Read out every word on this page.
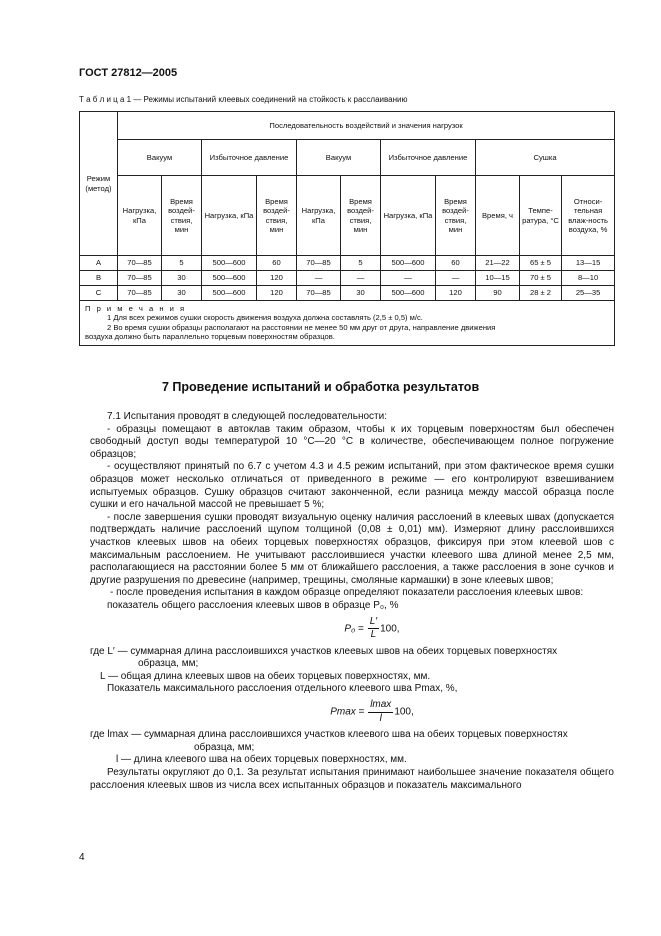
ГОСТ 27812—2005
Т а б л и ц а 1 — Режимы испытаний клеевых соединений на стойкость к расслаиванию
Режим (метод)	Последовательность воздействий и значения нагрузок										
	Вакуум		Избыточное давление		Вакуум		Избыточное давление		Сушка		
	Нагрузка, кПа	Время воздей-ствия, мин	Нагрузка, кПа	Время воздей-ствия, мин	Нагрузка, кПа	Время воздей-ствия, мин	Нагрузка, кПа	Время воздей-ствия, мин	Время, ч	Темпе-ратура, °С	Относи-тельная влаж-ность воздуха, %
A	70—85	5	500—600	60	70—85	5	500—600	60	21—22	65 ± 5	13—15
B	70—85	30	500—600	120	—	—	—	—	10—15	70 ± 5	8—10
C	70—85	30	500—600	120	70—85	30	500—600	120	90	28 ± 2	25—35

П р и м е ч а н и я
1 Для всех режимов сушки скорость движения воздуха должна составлять (2,5 ± 0,5) м/с.
2 Во время сушки образцы располагают на расстоянии не менее 50 мм друг от друга, направление движения
воздуха должно быть параллельно торцевым поверхностям образцов.											
7 Проведение испытаний и обработка результатов

7.1 Испытания проводят в следующей последовательности:

- образцы помещают в автоклав таким образом, чтобы к их торцевым поверхностям был обеспечен свободный доступ воды температурой 10 °С—20 °С в количестве, обеспечивающем полное погружение образцов;

- осуществляют принятый по 6.7 с учетом 4.3 и 4.5 режим испытаний, при этом фактическое время сушки образцов может несколько отличаться от приведенного в режиме — его контролируют взвешиванием испытуемых образцов. Сушку образцов считают законченной, если разница между массой образца после сушки и его начальной массой не превышает 5 %;

- после завершения сушки проводят визуальную оценку наличия расслоений в клеевых швах (допускается подтверждать наличие расслоений щупом толщиной (0,08 ± 0,01) мм). Измеряют длину расслоившихся участков клеевых швов на обеих торцевых поверхностях образцов, фиксируя при этом клеевой шов с максимальным расслоением. Не учитывают расслоившиеся участки клеевого шва длиной менее 2,5 мм, располагающиеся на расстоянии более 5 мм от ближайшего расслоения, а также расслоения в зоне сучков и другие разрушения по древесине (например, трещины, смоляные кармашки) в зоне клеевых швов;

- после проведения испытания в каждом образце определяют показатели расслоения клеевых швов:

показатель общего расслоения клеевых швов в образце P₀, %

$P_0 = \frac{L'}{L} 100$,

где L′ — суммарная длина расслоившихся участков клеевых швов на обеих торцевых поверхностях

образца, мм;

L — общая длина клеевых швов на обеих торцевых поверхностях, мм.

Показатель максимального расслоения отдельного клеевого шва Pmax, %,

$Pmax = \frac{lmax}{l} 100$,

где lmax — суммарная длина расслоившихся участков клеевого шва на обеих торцевых поверхностях

образца, мм;

l — длина клеевого шва на обеих торцевых поверхностях, мм.

Результаты округляют до 0,1. За результат испытания принимают наибольшее значение показателя общего расслоения клеевых швов из числа всех испытанных образцов и показатель максимального

4
